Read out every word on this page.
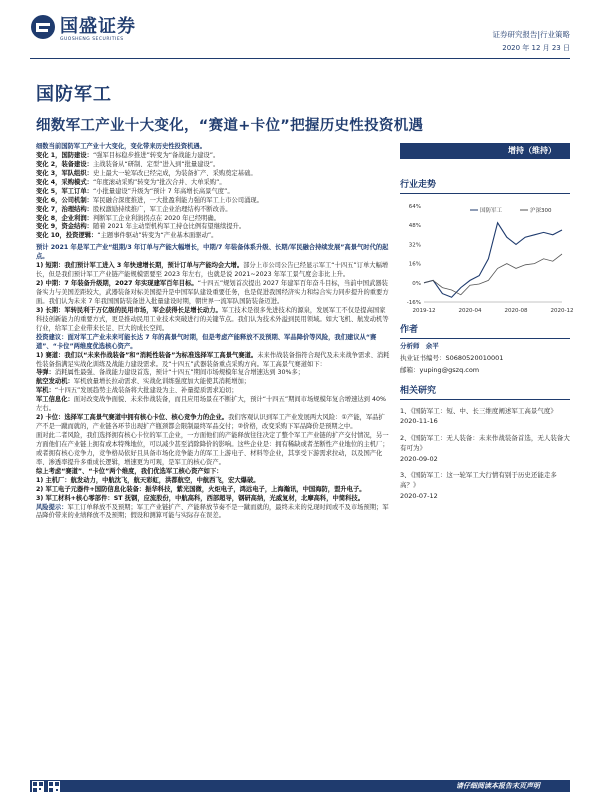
国盛证券
GUOSHENG SECURITIES
证券研究报告|行业策略
2020 年 12 月 23 日
国防军工
细数军工产业十大变化，“赛道+卡位”把握历史性投资机遇

细数当前国防军工产业十大变化，变化带来历史性投资机遇。

变化 1，国防建设：“强军目标稳步推进”转变为“备战能力建设”。
变化 2，装备建设：主战装备从“研制、定型”进入到“批量建设”。
变化 3，军队组织：史上最大一轮军改已经完成，为装备扩产、采购奠定基础。
变化 4，采购模式：“年度滚动采购”转变为“批次合并、大单采购”。
变化 5，军工订单：“小批量建设”升级为“预计 7 年高增长高景气度”。
变化 6，公司机制：军民融合深度推进，一大批盈利能力强的军工上市公司涌现。
变化 7，治理结构：股权激励持续推广，军工企业治理结构不断改善。
变化 8，企业利润：判断军工企业利润拐点在 2020 年已经明确。
变化 9，资金结构：随着 2021 年主动型机构军工持仓比例有望继续提升。
变化 10，投资逻辑：“主题事件驱动”转变为“产业基本面驱动”。

预计 2021 年是军工产业“组期/3 年订单与产能大幅增长，中期/7 年装备体系升级、长期/军民融合持续发展”高景气时代的起点。

1) 短期：我们预计军工进入 3 年快速增长期，预计订单与产能均会大增。部分上市公司公告已经显示军工“十四五”订单大幅增长，但是我们预计军工产业链产能规模需要至 2023 年左右，也就是说 2021~2023 年军工景气度会非比上升。

2) 中期：7 年装备升级期，2027 年实现建军百年目标。“十四五”规划首次提出 2027 年建军百年奋斗目标，当前中国武器装备实力与美国差距较大，武器装备对标美国提升是中国军队建设重要任务，也是促进我国经济实力和综合实力同步提升的重要方面。我们认为未来 7 年我国国防装备进入批量建设时期，朝世界一流军队国防装备迈进。

3) 长期：军转民利于万亿级的民用市场，军企获得长足增长动力。军工技术是很多先进技术的源泉，发展军工不仅是提高国家科技创新能力的重要方式，更是推动民用工业技术突破进行的关键节点。我们认为技术外溢到民用领域。如大飞机、航发动机等行业，给军工企业带来长足、巨大的成长空间。

投资建议：面对军工产业未来可能长达 7 年的高景气时期，但是考虑产能释放不及预期、军品降价等风险，我们建议从“赛道”、“卡位”两维度优选核心资产。

1) 赛道：我们以“未来作战装备”和“消耗性装备”为标准选择军工高景气赛道。未来作战装备指符合现代及未来战争需求、消耗性装备指满足实战化训练及战能力建设需求。及“十四五”武器装备重点采购方向。军工高景气赛道如下：
导弹：消耗属性最强、备战能力建设首选，预计“十四五”期间市场规模年复合增速达到 30%多；
航空发动机：军机放量增长拉动需求、实战化训练强度加大能使其消耗增加；
军机：“十四五”发展趋势主战装备将大批建设为主、补量提质需求迫切；
军工信息化：面对改变战争面貌、未来作战装备，而且应用场景在不断扩大，预计“十四五”期间市场规模年复合增速达到 40%左右。

2) 卡位：选择军工高景气赛道中拥有核心卡位、核心竞争力的企业。我们客观认识到军工产业发展两大风险：①产能，军品扩产不是一蹴而就的，产业链各环节出现扩产瓶颈都会限制最终军品交付；②价格，改变采购下军品降价是预期之中。

面对此二者风险，我们选择拥有核心卡位的军工企业，一方面他们的产能释放往往决定了整个军工产业链的扩产交付情况，另一方面他们在产业链上拥有或本特殊地位，可以减少甚至消除降价的影响。这些企业是：拥有稀缺或者垄断性产业地位的主机厂；或者拥有核心竞争力，竞争格局依好且具备市场化竞争能力的军工上游电子、材料等企业，其享受下游需求拉动，以及国产化率、渗透率提升多重成长逻辑，增速更为可观，是军工的核心资产。

综上考虑“赛道”、“卡位”两个维度，我们优选军工核心资产如下：

1) 主机厂：航发动力，中航沈飞，航天彩虹，洪都航空，中航西飞，宏大爆破。

2) 军工电子元器件+国防信息化装备：振华科技，紫光国微，火炬电子，鸿远电子，上海瀚讯，中国海防，盟升电子。

3) 军工材料+核心零部件：ST 抚钢，应流股份，中航高科，西部超导，钢研高纳，光威复材，北摩高科，中简科技。

风险提示：军工订单释放不及预期；军工产业链扩产、产能释放节奏不是一蹴而就的，最终未来的兑现时间或不及市场预期；军品降价带来的业绩释放不及预期；假设和测算可能与实际存在误差。

增持（维持）
行业走势
64%
48%
32%
16%
0%
-16%
2019-12	2020-04	2020-08	2020-12
国防军工	沪深300
作者
分析师 余平
执业证书编号：S0680520010001
邮箱：yuping@gszq.com
相关研究
1、《国防军工：短、中、长三维度阐述军工高景气度》
2020-11-16
2、《国防军工：无人装备：未来作战装备首选，无人装备大有可为》
2020-09-02
3、《国防军工：这一轮军工大行情有别于历史还能走多高？》
2020-07-12
请仔细阅读本报告末页声明
